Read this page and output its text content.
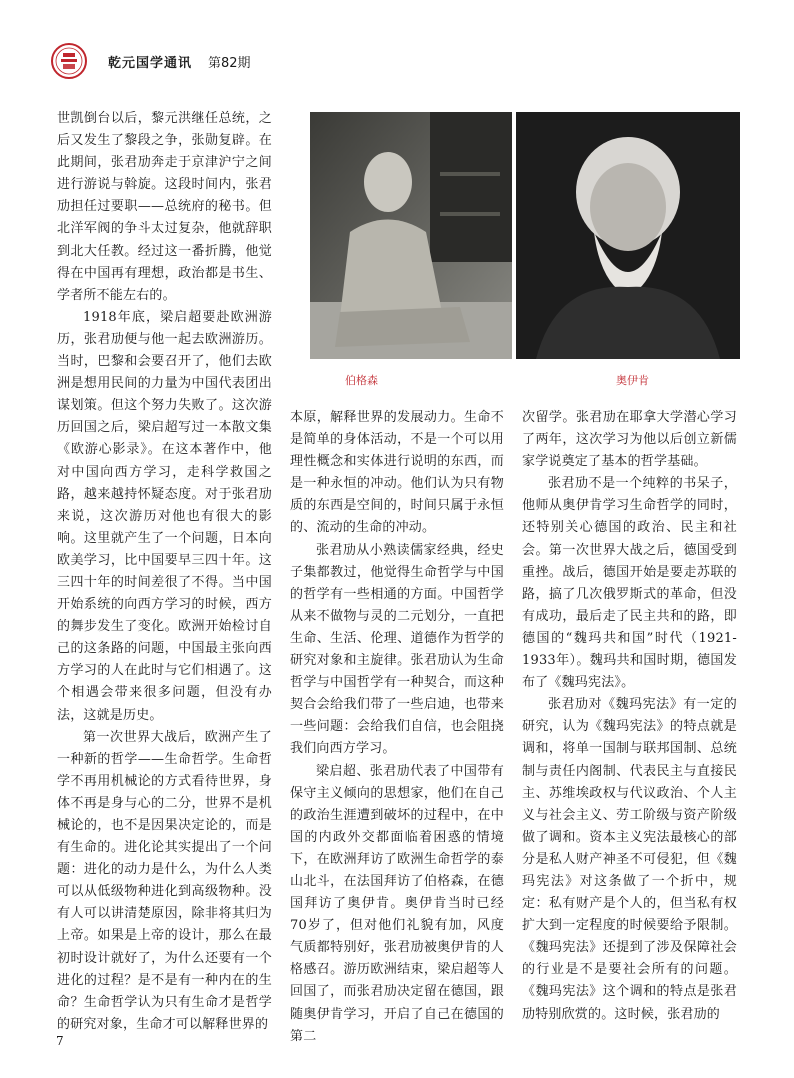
乾元国学通讯 第82期

世凯倒台以后，黎元洪继任总统，之后又发生了黎段之争，张勋复辟。在此期间，张君劢奔走于京津沪宁之间进行游说与斡旋。这段时间内，张君劢担任过要职——总统府的秘书。但北洋军阀的争斗太过复杂，他就辞职到北大任教。经过这一番折腾，他觉得在中国再有理想，政治都是书生、学者所不能左右的。

1918年底，梁启超要赴欧洲游历，张君劢便与他一起去欧洲游历。当时，巴黎和会要召开了，他们去欧洲是想用民间的力量为中国代表团出谋划策。但这个努力失败了。这次游历回国之后，梁启超写过一本散文集《欧游心影录》。在这本著作中，他对中国向西方学习，走科学救国之路，越来越持怀疑态度。对于张君劢来说，这次游历对他也有很大的影响。这里就产生了一个问题，日本向欧美学习，比中国要早三四十年。这三四十年的时间差很了不得。当中国开始系统的向西方学习的时候，西方的舞步发生了变化。欧洲开始检讨自己的这条路的问题，中国最主张向西方学习的人在此时与它们相遇了。这个相遇会带来很多问题，但没有办法，这就是历史。

第一次世界大战后，欧洲产生了一种新的哲学——生命哲学。生命哲学不再用机械论的方式看待世界，身体不再是身与心的二分，世界不是机械论的，也不是因果决定论的，而是有生命的。进化论其实提出了一个问题：进化的动力是什么，为什么人类可以从低级物种进化到高级物种。没有人可以讲清楚原因，除非将其归为上帝。如果是上帝的设计，那么在最初时设计就好了，为什么还要有一个进化的过程？是不是有一种内在的生命？生命哲学认为只有生命才是哲学的研究对象，生命才可以解释世界的

伯格森	奥伊肯

本原，解释世界的发展动力。生命不是简单的身体活动，不是一个可以用理性概念和实体进行说明的东西，而是一种永恒的冲动。他们认为只有物质的东西是空间的，时间只属于永恒的、流动的生命的冲动。

张君劢从小熟读儒家经典，经史子集都教过，他觉得生命哲学与中国的哲学有一些相通的方面。中国哲学从来不做物与灵的二元划分，一直把生命、生活、伦理、道德作为哲学的研究对象和主旋律。张君劢认为生命哲学与中国哲学有一种契合，而这种契合会给我们带了一些启迪，也带来一些问题：会给我们自信，也会阻挠我们向西方学习。

梁启超、张君劢代表了中国带有保守主义倾向的思想家，他们在自己的政治生涯遭到破坏的过程中，在中国的内政外交都面临着困惑的情境下，在欧洲拜访了欧洲生命哲学的泰山北斗，在法国拜访了伯格森，在德国拜访了奥伊肯。奥伊肯当时已经70岁了，但对他们礼貌有加，风度气质都特别好，张君劢被奥伊肯的人格感召。游历欧洲结束，梁启超等人回国了，而张君劢决定留在德国，跟随奥伊肯学习，开启了自己在德国的第二

次留学。张君劢在耶拿大学潜心学习了两年，这次学习为他以后创立新儒家学说奠定了基本的哲学基础。

张君劢不是一个纯粹的书呆子，他师从奥伊肯学习生命哲学的同时，还特别关心德国的政治、民主和社会。第一次世界大战之后，德国受到重挫。战后，德国开始是要走苏联的路，搞了几次俄罗斯式的革命，但没有成功，最后走了民主共和的路，即德国的“魏玛共和国”时代（1921-1933年）。魏玛共和国时期，德国发布了《魏玛宪法》。

张君劢对《魏玛宪法》有一定的研究，认为《魏玛宪法》的特点就是调和，将单一国制与联邦国制、总统制与责任内阁制、代表民主与直接民主、苏维埃政权与代议政治、个人主义与社会主义、劳工阶级与资产阶级做了调和。资本主义宪法最核心的部分是私人财产神圣不可侵犯，但《魏玛宪法》对这条做了一个折中，规定：私有财产是个人的，但当私有权扩大到一定程度的时候要给予限制。《魏玛宪法》还提到了涉及保障社会的行业是不是要社会所有的问题。《魏玛宪法》这个调和的特点是张君劢特别欣赏的。这时候，张君劢的

7
